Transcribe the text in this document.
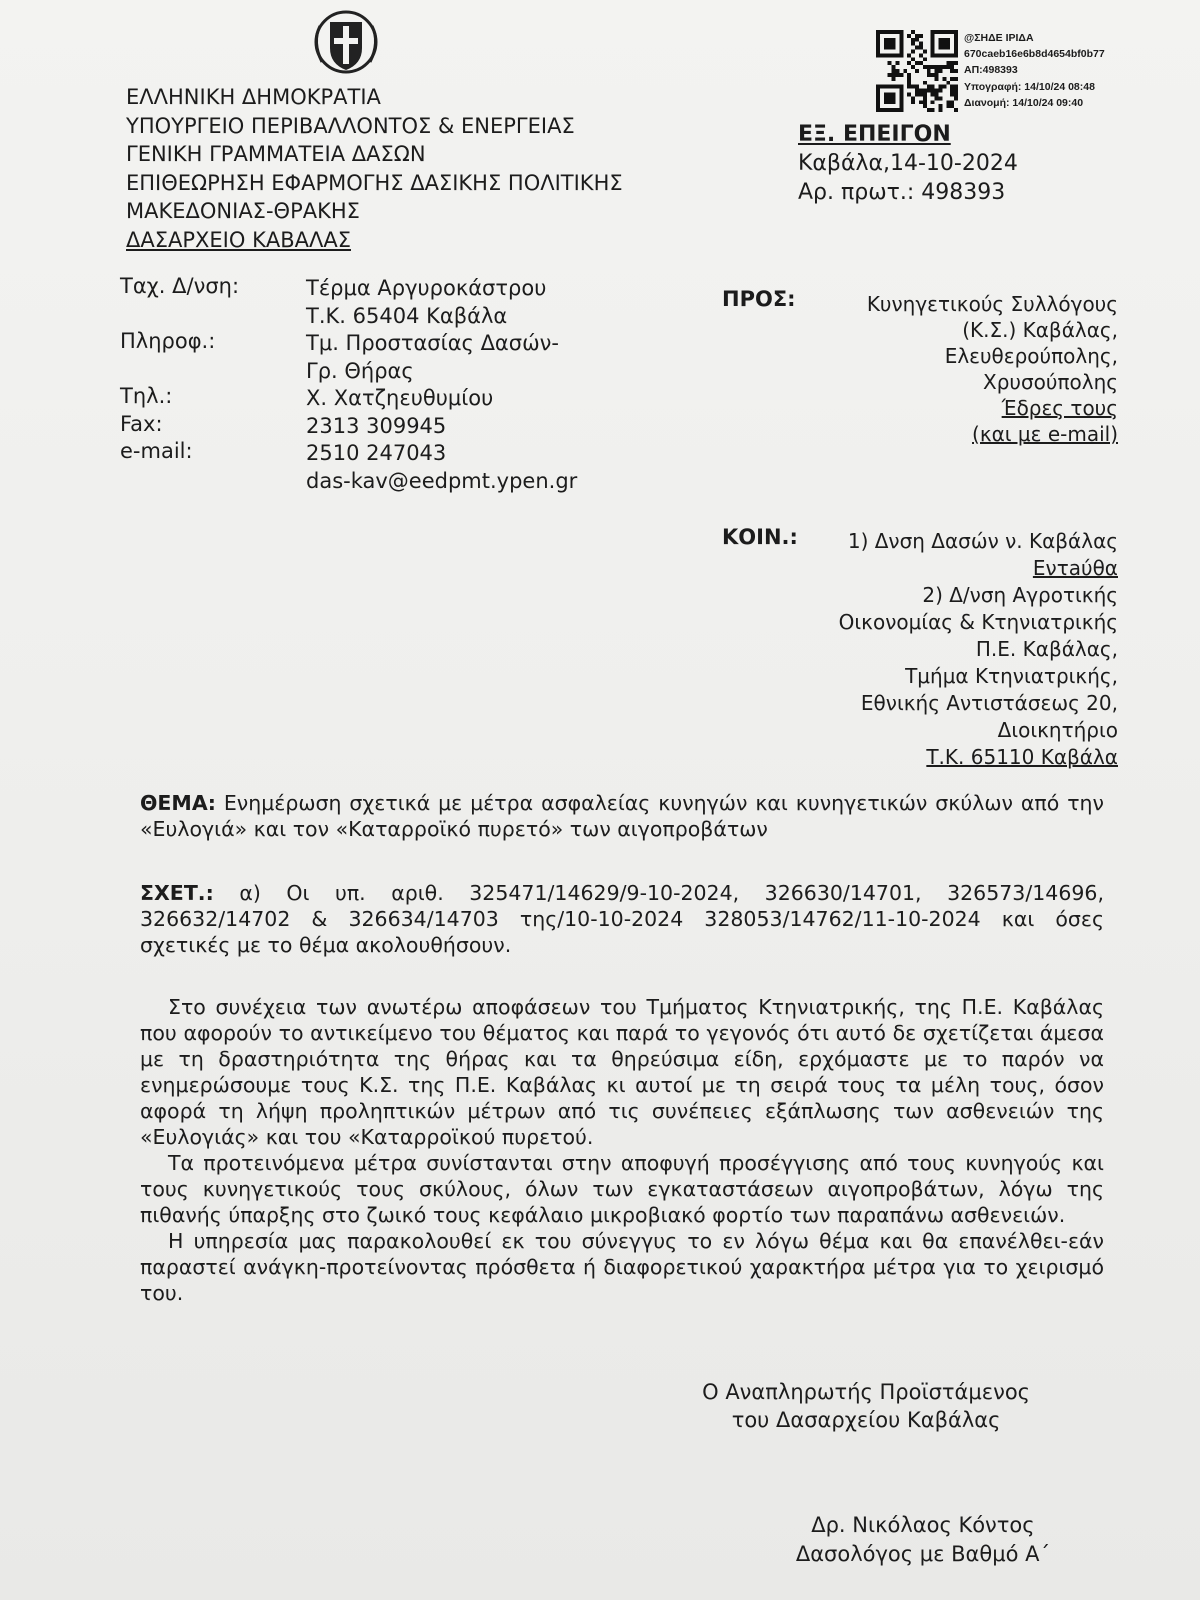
ΕΛΛΗΝΙΚΗ ΔΗΜΟΚΡΑΤΙΑ
ΥΠΟΥΡΓΕΙΟ ΠΕΡΙΒΑΛΛΟΝΤΟΣ & ΕΝΕΡΓΕΙΑΣ
ΓΕΝΙΚΗ ΓΡΑΜΜΑΤΕΙΑ ΔΑΣΩΝ
ΕΠΙΘΕΩΡΗΣΗ ΕΦΑΡΜΟΓΗΣ ΔΑΣΙΚΗΣ ΠΟΛΙΤΙΚΗΣ
ΜΑΚΕΔΟΝΙΑΣ-ΘΡΑΚΗΣ
ΔΑΣΑΡΧΕΙΟ ΚΑΒΑΛΑΣ
@ΣΗΔΕ ΙΡΙΔΑ
670caeb16e6b8d4654bf0b77
ΑΠ:498393
Υπογραφή: 14/10/24 08:48
Διανομή: 14/10/24 09:40
ΕΞ. ΕΠΕΙΓΟΝ
Καβάλα,14-10-2024
Αρ. πρωτ.: 498393
Ταχ. Δ/νση:

Πληροφ.:

Τηλ.:
Fax:
e-mail:
Τέρμα Αργυροκάστρου
Τ.Κ. 65404 Καβάλα
Τμ. Προστασίας Δασών-
Γρ. Θήρας
Χ. Χατζηευθυμίου
2313 309945
2510 247043
das-kav@eedpmt.ypen.gr
ΠΡΟΣ:	Κυνηγετικούς Συλλόγους
(Κ.Σ.) Καβάλας,
Ελευθερούπολης,
Χρυσούπολης
Έδρες τους
(και με e-mail)
ΚΟΙΝ.:	1) Δνση Δασών ν. Καβάλας
Εντaύθα
2) Δ/νση Αγροτικής
Οικονομίας & Κτηνιατρικής
Π.Ε. Καβάλας,
Τμήμα Κτηνιατρικής,
Εθνικής Αντιστάσεως 20,
Διοικητήριο
Τ.Κ. 65110 Καβάλα

ΘΕΜΑ: Ενημέρωση σχετικά με μέτρα ασφαλείας κυνηγών και κυνηγετικών σκύλων από την «Ευλογιά» και τον «Καταρροϊκό πυρετό» των αιγοπροβάτων

ΣΧΕΤ.: α) Οι υπ. αριθ. 325471/14629/9-10-2024, 326630/14701, 326573/14696, 326632/14702 & 326634/14703 της/10-10-2024 328053/14762/11-10-2024 και όσες σχετικές με το θέμα ακολουθήσουν.

Στο συνέχεια των ανωτέρω αποφάσεων του Τμήματος Κτηνιατρικής, της Π.Ε. Καβάλας που αφορούν το αντικείμενο του θέματος και παρά το γεγονός ότι αυτό δε σχετίζεται άμεσα με τη δραστηριότητα της θήρας και τα θηρεύσιμα είδη, ερχόμαστε με το παρόν να ενημερώσουμε τους Κ.Σ. της Π.Ε. Καβάλας κι αυτοί με τη σειρά τους τα μέλη τους, όσον αφορά τη λήψη προληπτικών μέτρων από τις συνέπειες εξάπλωσης των ασθενειών της «Ευλογιάς» και του «Καταρροϊκού πυρετού.

Τα προτεινόμενα μέτρα συνίστανται στην αποφυγή προσέγγισης από τους κυνηγούς και τους κυνηγετικούς τους σκύλους, όλων των εγκαταστάσεων αιγοπροβάτων, λόγω της πιθανής ύπαρξης στο ζωικό τους κεφάλαιο μικροβιακό φορτίο των παραπάνω ασθενειών.

Η υπηρεσία μας παρακολουθεί εκ του σύνεγγυς το εν λόγω θέμα και θα επανέλθει-εάν παραστεί ανάγκη-προτείνοντας πρόσθετα ή διαφορετικού χαρακτήρα μέτρα για το χειρισμό του.

Ο Αναπληρωτής Προϊστάμενος
του Δασαρχείου Καβάλας
Δρ. Νικόλαος Κόντος
Δασολόγος με Βαθμό Α΄
